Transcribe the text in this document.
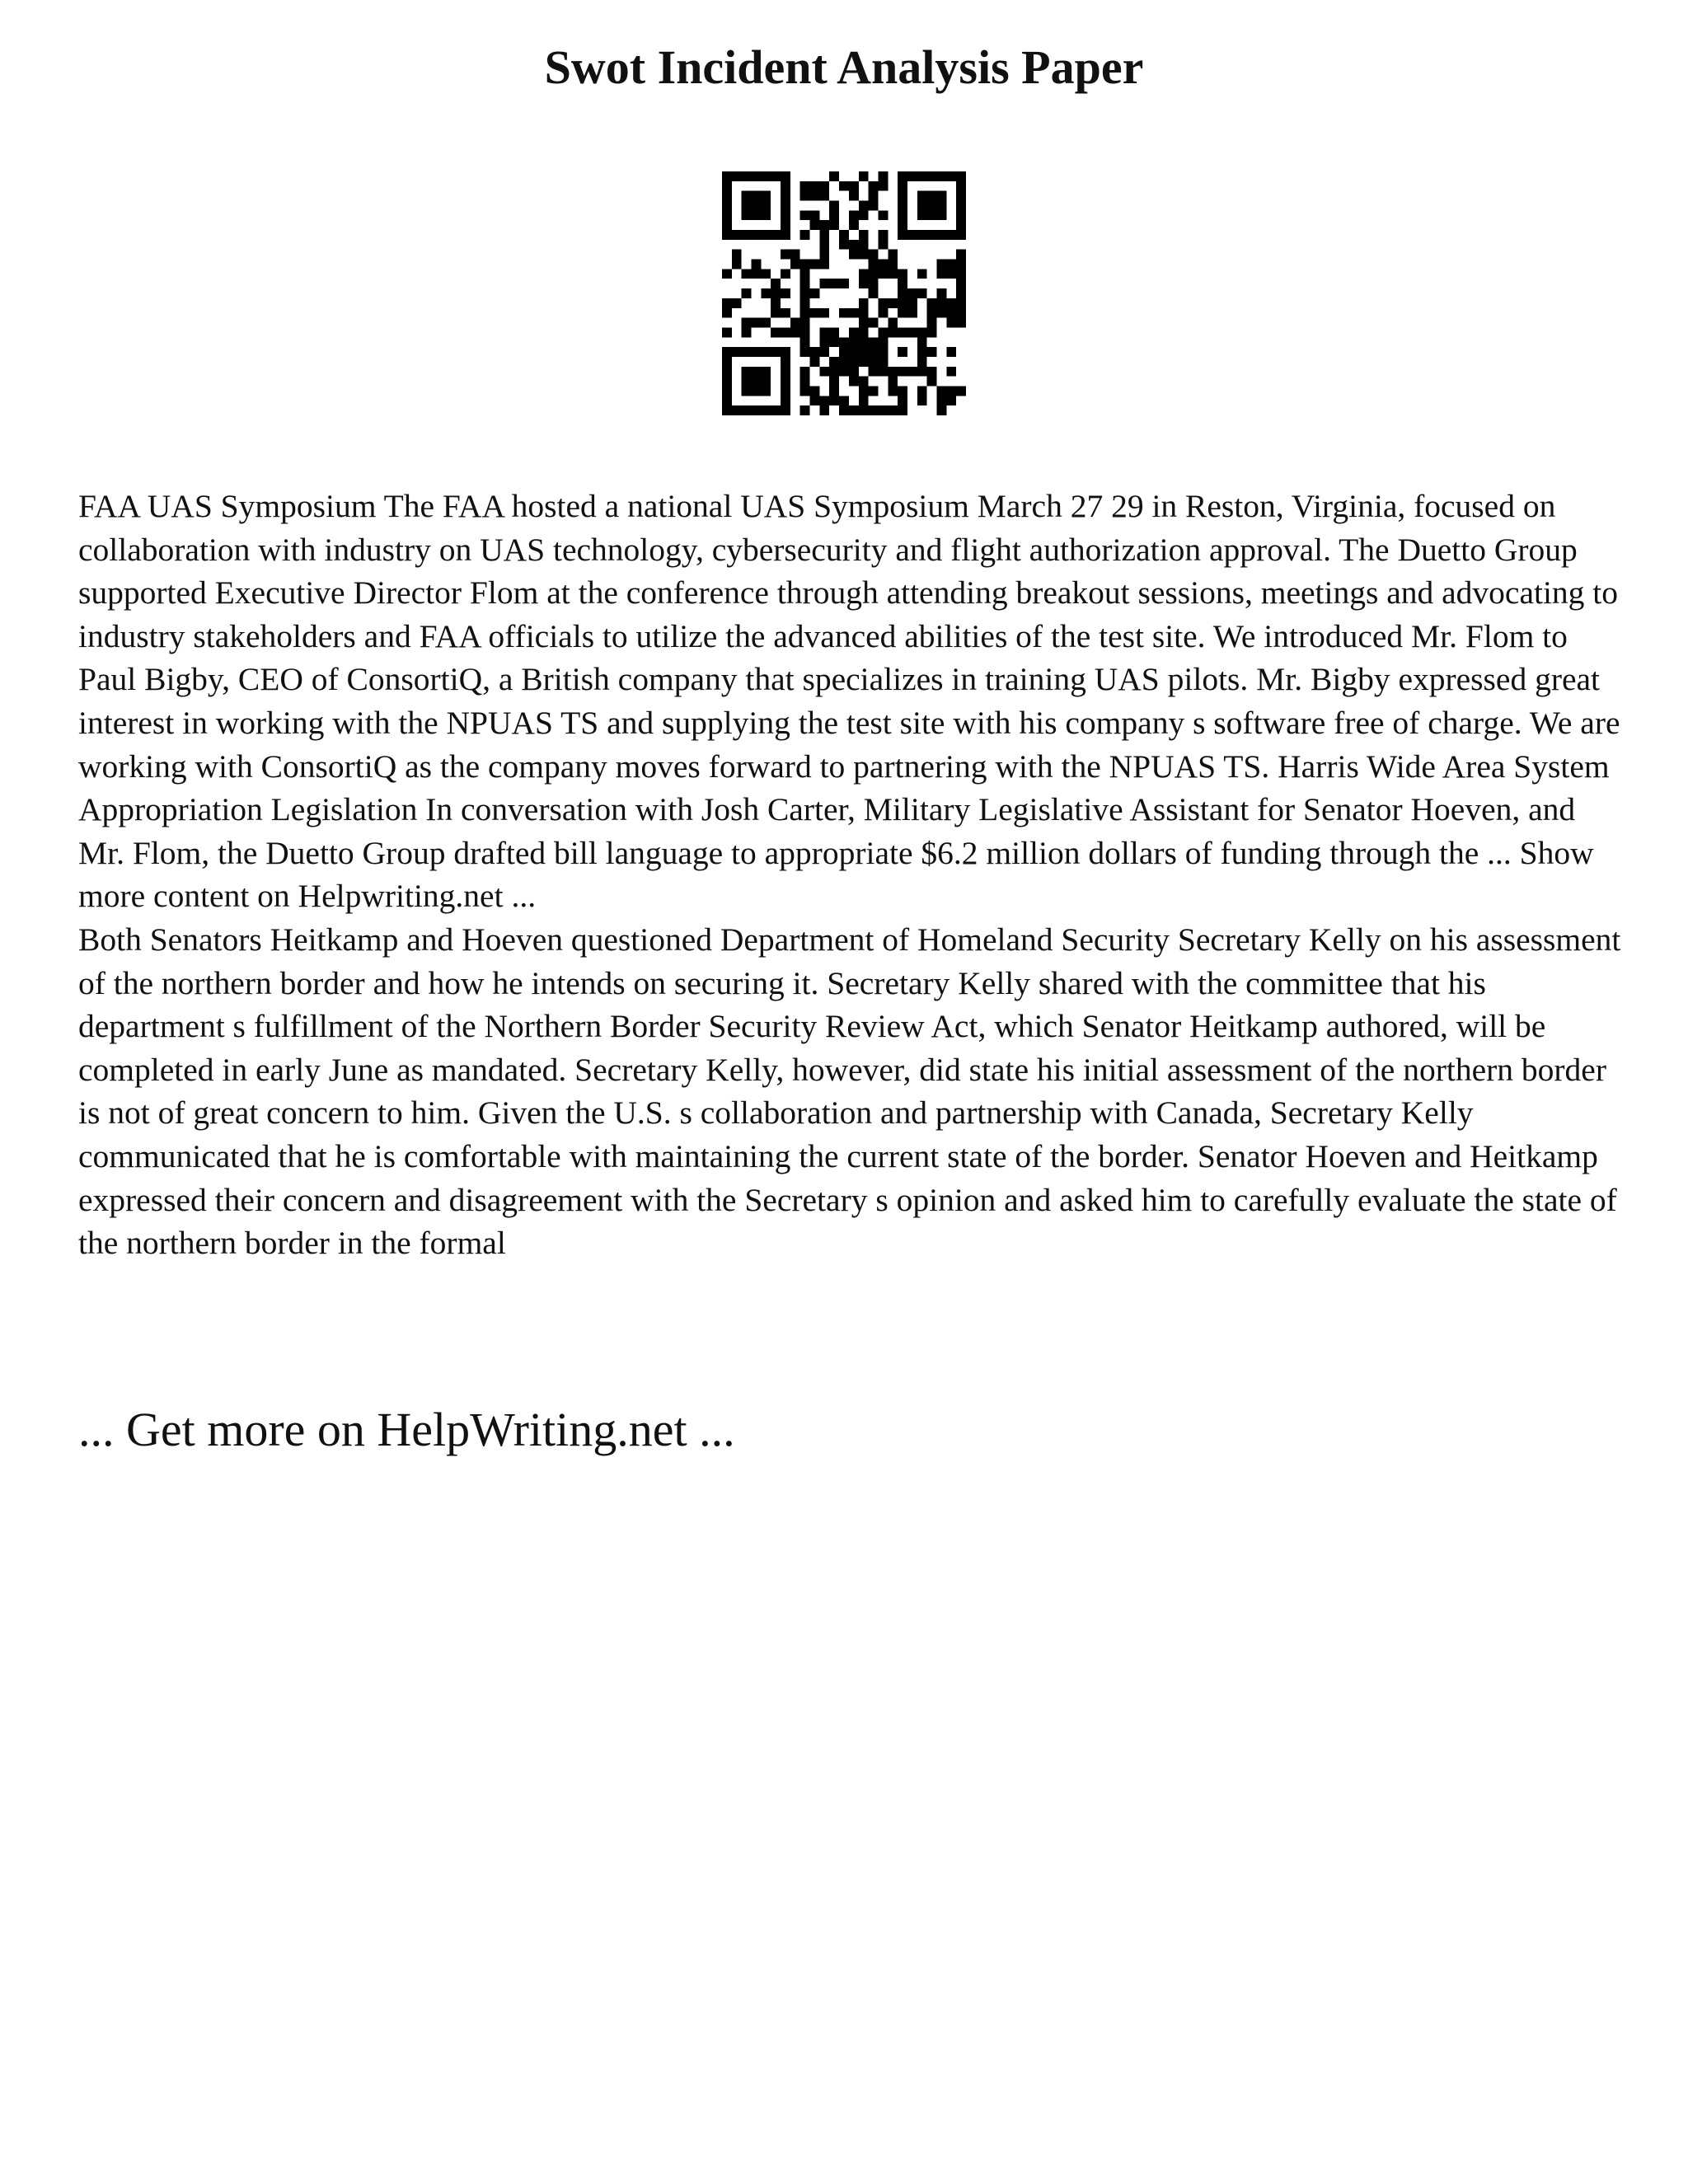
Swot Incident Analysis Paper

FAA UAS Symposium The FAA hosted a national UAS Symposium March 27 29 in Reston, Virginia, focused on collaboration with industry on UAS technology, cybersecurity and flight authorization approval. The Duetto Group supported Executive Director Flom at the conference through attending breakout sessions, meetings and advocating to industry stakeholders and FAA officials to utilize the advanced abilities of the test site. We introduced Mr. Flom to Paul Bigby, CEO of ConsortiQ, a British company that specializes in training UAS pilots. Mr. Bigby expressed great interest in working with the NPUAS TS and supplying the test site with his company s software free of charge. We are working with ConsortiQ as the company moves forward to partnering with the NPUAS TS. Harris Wide Area System Appropriation Legislation In conversation with Josh Carter, Military Legislative Assistant for Senator Hoeven, and Mr. Flom, the Duetto Group drafted bill language to appropriate $6.2 million dollars of funding through the ... Show more content on Helpwriting.net ...

Both Senators Heitkamp and Hoeven questioned Department of Homeland Security Secretary Kelly on his assessment of the northern border and how he intends on securing it. Secretary Kelly shared with the committee that his department s fulfillment of the Northern Border Security Review Act, which Senator Heitkamp authored, will be completed in early June as mandated. Secretary Kelly, however, did state his initial assessment of the northern border is not of great concern to him. Given the U.S. s collaboration and partnership with Canada, Secretary Kelly communicated that he is comfortable with maintaining the current state of the border. Senator Hoeven and Heitkamp expressed their concern and disagreement with the Secretary s opinion and asked him to carefully evaluate the state of the northern border in the formal

... Get more on HelpWriting.net ...
